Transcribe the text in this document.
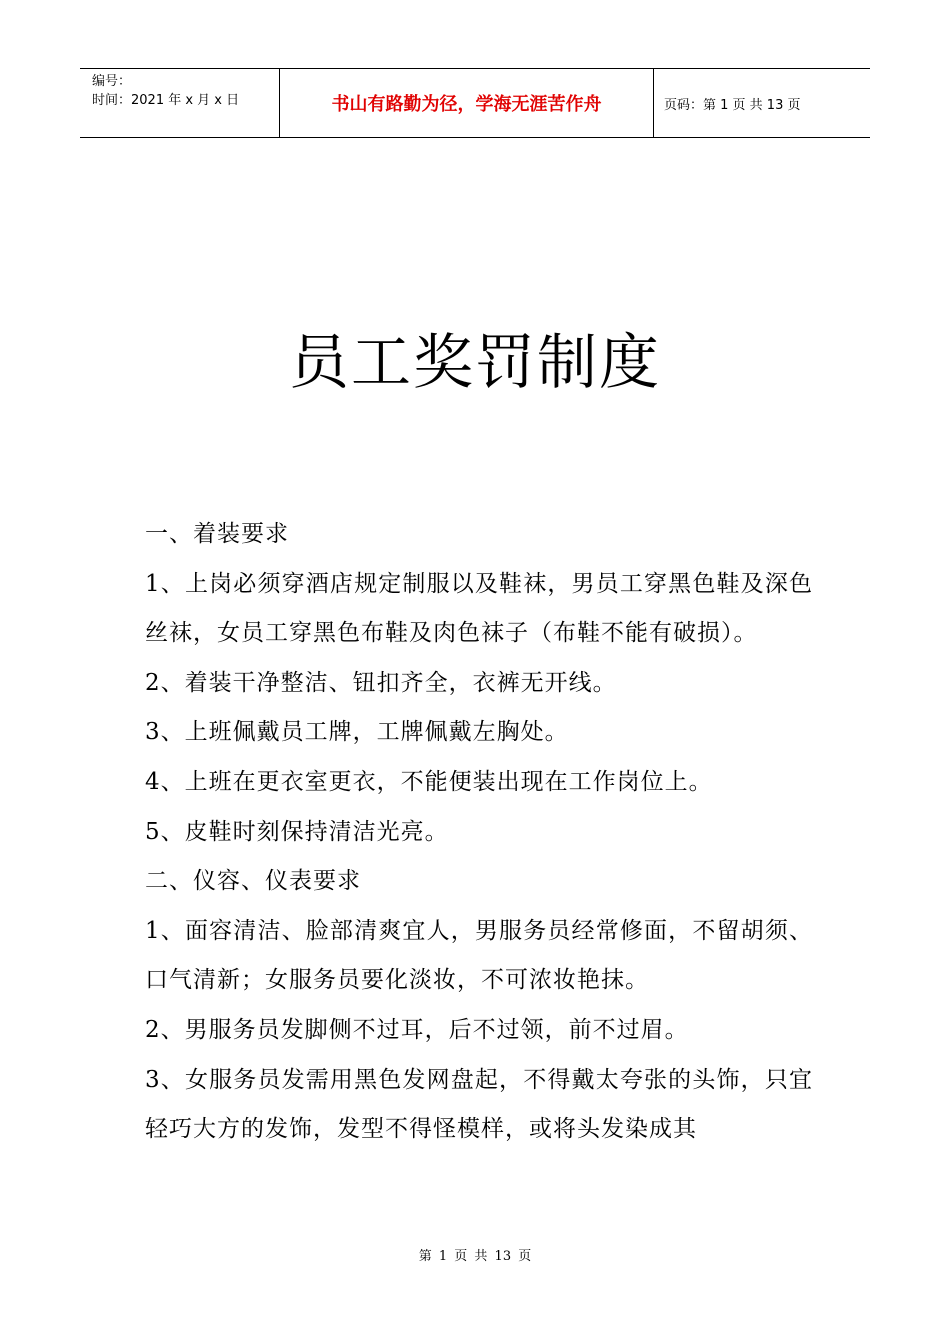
编号：
时间：2021 年 x 月 x 日	书山有路勤为径，学海无涯苦作舟	页码：第 1 页 共 13 页
员工奖罚制度

一、着装要求

1、上岗必须穿酒店规定制服以及鞋袜，男员工穿黑色鞋及深色丝袜，女员工穿黑色布鞋及肉色袜子（布鞋不能有破损）。

2、着装干净整洁、钮扣齐全，衣裤无开线。

3、上班佩戴员工牌，工牌佩戴左胸处。

4、上班在更衣室更衣，不能便装出现在工作岗位上。

5、皮鞋时刻保持清洁光亮。

二、仪容、仪表要求

1、面容清洁、脸部清爽宜人，男服务员经常修面，不留胡须、口气清新；女服务员要化淡妆，不可浓妆艳抹。

2、男服务员发脚侧不过耳，后不过领，前不过眉。

3、女服务员发需用黑色发网盘起，不得戴太夸张的头饰，只宜轻巧大方的发饰，发型不得怪模样，或将头发染成其

第 1 页 共 13 页
